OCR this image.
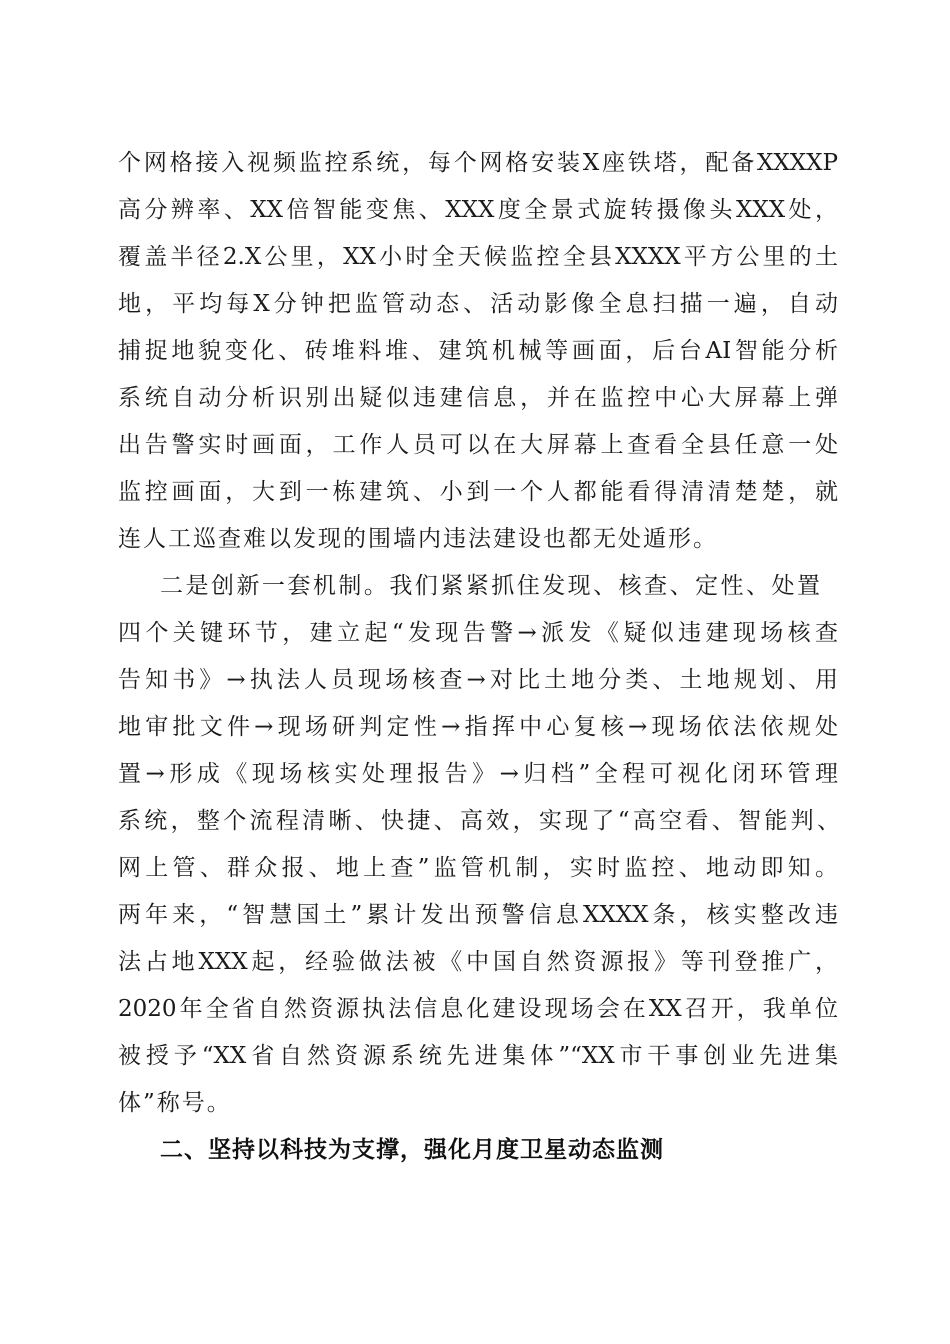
个网格接入视频监控系统，每个网格安装X座铁塔，配备XXXXP
高分辨率、XX倍智能变焦、XXX度全景式旋转摄像头XXX处，
覆盖半径2.X公里，XX小时全天候监控全县XXXX平方公里的土
地，平均每X分钟把监管动态、活动影像全息扫描一遍，自动
捕捉地貌变化、砖堆料堆、建筑机械等画面，后台AI智能分析
系统自动分析识别出疑似违建信息，并在监控中心大屏幕上弹
出告警实时画面，工作人员可以在大屏幕上查看全县任意一处
监控画面，大到一栋建筑、小到一个人都能看得清清楚楚，就
连人工巡查难以发现的围墙内违法建设也都无处遁形。
二是创新一套机制。我们紧紧抓住发现、核查、定性、处置
四个关键环节，建立起“发现告警→派发《疑似违建现场核查
告知书》→执法人员现场核查→对比土地分类、土地规划、用
地审批文件→现场研判定性→指挥中心复核→现场依法依规处
置→形成《现场核实处理报告》→归档”全程可视化闭环管理
系统，整个流程清晰、快捷、高效，实现了“高空看、智能判、
网上管、群众报、地上查”监管机制，实时监控、地动即知。
两年来，“智慧国土”累计发出预警信息XXXX条，核实整改违
法占地XXX起，经验做法被《中国自然资源报》等刊登推广，
2020年全省自然资源执法信息化建设现场会在XX召开，我单位
被授予“XX省自然资源系统先进集体”“XX市干事创业先进集
体”称号。
二、坚持以科技为支撑，强化月度卫星动态监测
